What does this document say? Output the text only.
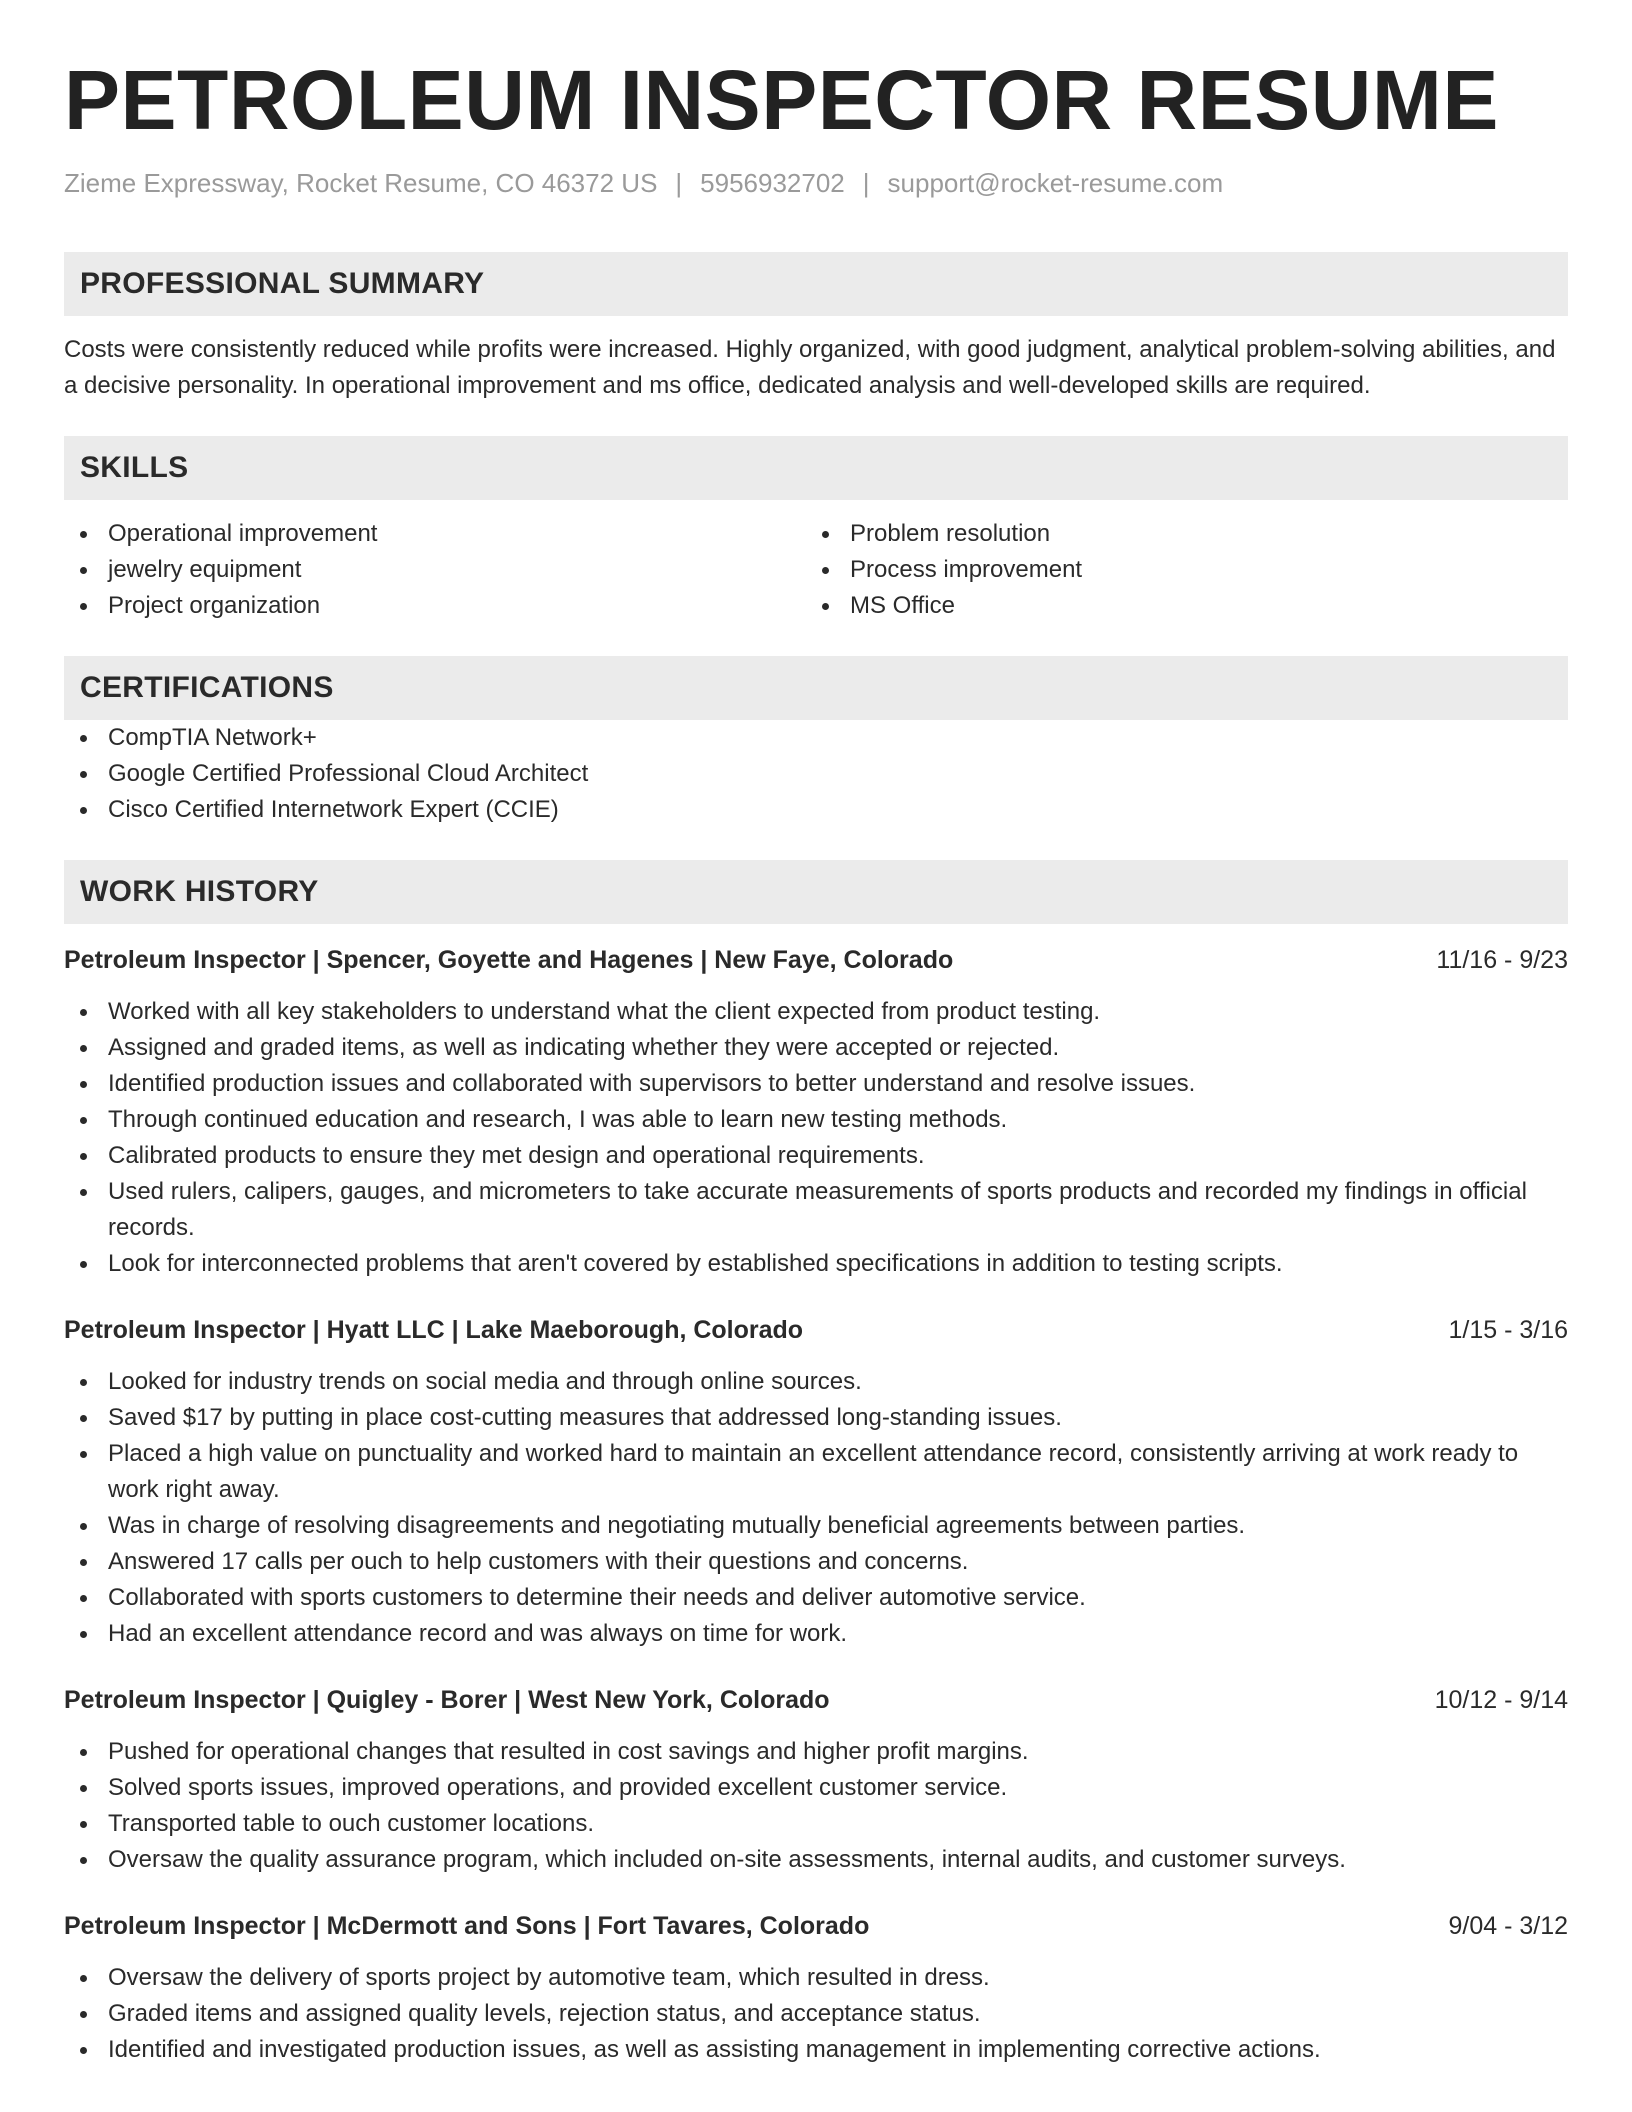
PETROLEUM INSPECTOR RESUME
Zieme Expressway, Rocket Resume, CO 46372 US | 5956932702 | support@rocket-resume.com
PROFESSIONAL SUMMARY

Costs were consistently reduced while profits were increased. Highly organized, with good judgment, analytical problem-solving abilities, and a decisive personality. In operational improvement and ms office, dedicated analysis and well-developed skills are required.

SKILLS
Operational improvement
jewelry equipment
Project organization
Problem resolution
Process improvement
MS Office
CERTIFICATIONS
CompTIA Network+
Google Certified Professional Cloud Architect
Cisco Certified Internetwork Expert (CCIE)
WORK HISTORY
Petroleum Inspector | Spencer, Goyette and Hagenes | New Faye, Colorado	11/16 - 9/23
Worked with all key stakeholders to understand what the client expected from product testing.
Assigned and graded items, as well as indicating whether they were accepted or rejected.
Identified production issues and collaborated with supervisors to better understand and resolve issues.
Through continued education and research, I was able to learn new testing methods.
Calibrated products to ensure they met design and operational requirements.
Used rulers, calipers, gauges, and micrometers to take accurate measurements of sports products and recorded my findings in official records.
Look for interconnected problems that aren't covered by established specifications in addition to testing scripts.
Petroleum Inspector | Hyatt LLC | Lake Maeborough, Colorado	1/15 - 3/16
Looked for industry trends on social media and through online sources.
Saved $17 by putting in place cost-cutting measures that addressed long-standing issues.
Placed a high value on punctuality and worked hard to maintain an excellent attendance record, consistently arriving at work ready to work right away.
Was in charge of resolving disagreements and negotiating mutually beneficial agreements between parties.
Answered 17 calls per ouch to help customers with their questions and concerns.
Collaborated with sports customers to determine their needs and deliver automotive service.
Had an excellent attendance record and was always on time for work.
Petroleum Inspector | Quigley - Borer | West New York, Colorado	10/12 - 9/14
Pushed for operational changes that resulted in cost savings and higher profit margins.
Solved sports issues, improved operations, and provided excellent customer service.
Transported table to ouch customer locations.
Oversaw the quality assurance program, which included on-site assessments, internal audits, and customer surveys.
Petroleum Inspector | McDermott and Sons | Fort Tavares, Colorado	9/04 - 3/12
Oversaw the delivery of sports project by automotive team, which resulted in dress.
Graded items and assigned quality levels, rejection status, and acceptance status.
Identified and investigated production issues, as well as assisting management in implementing corrective actions.
